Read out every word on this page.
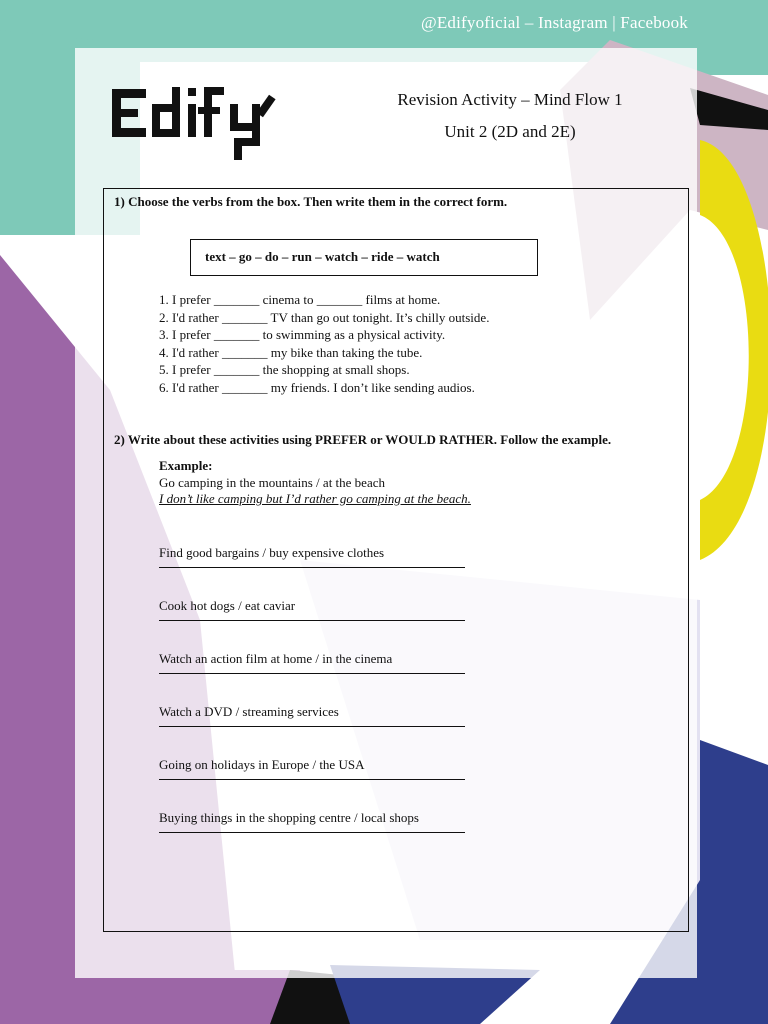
@Edifyoficial – Instagram | Facebook
Revision Activity – Mind Flow 1
Unit 2 (2D and 2E)
1) Choose the verbs from the box. Then write them in the correct form.
text – go – do – run – watch – ride – watch
1. I prefer _______ cinema to _______ films at home.
2. I'd rather _______ TV than go out tonight. It’s chilly outside.
3. I prefer _______ to swimming as a physical activity.
4. I'd rather _______ my bike than taking the tube.
5. I prefer _______ the shopping at small shops.
6. I'd rather _______ my friends. I don’t like sending audios.
2) Write about these activities using PREFER or WOULD RATHER. Follow the example.
Example:
Go camping in the mountains / at the beach
I don’t like camping but I’d rather go camping at the beach.
Find good bargains / buy expensive clothes
Cook hot dogs / eat caviar
Watch an action film at home / in the cinema
Watch a DVD / streaming services
Going on holidays in Europe / the USA
Buying things in the shopping centre / local shops
